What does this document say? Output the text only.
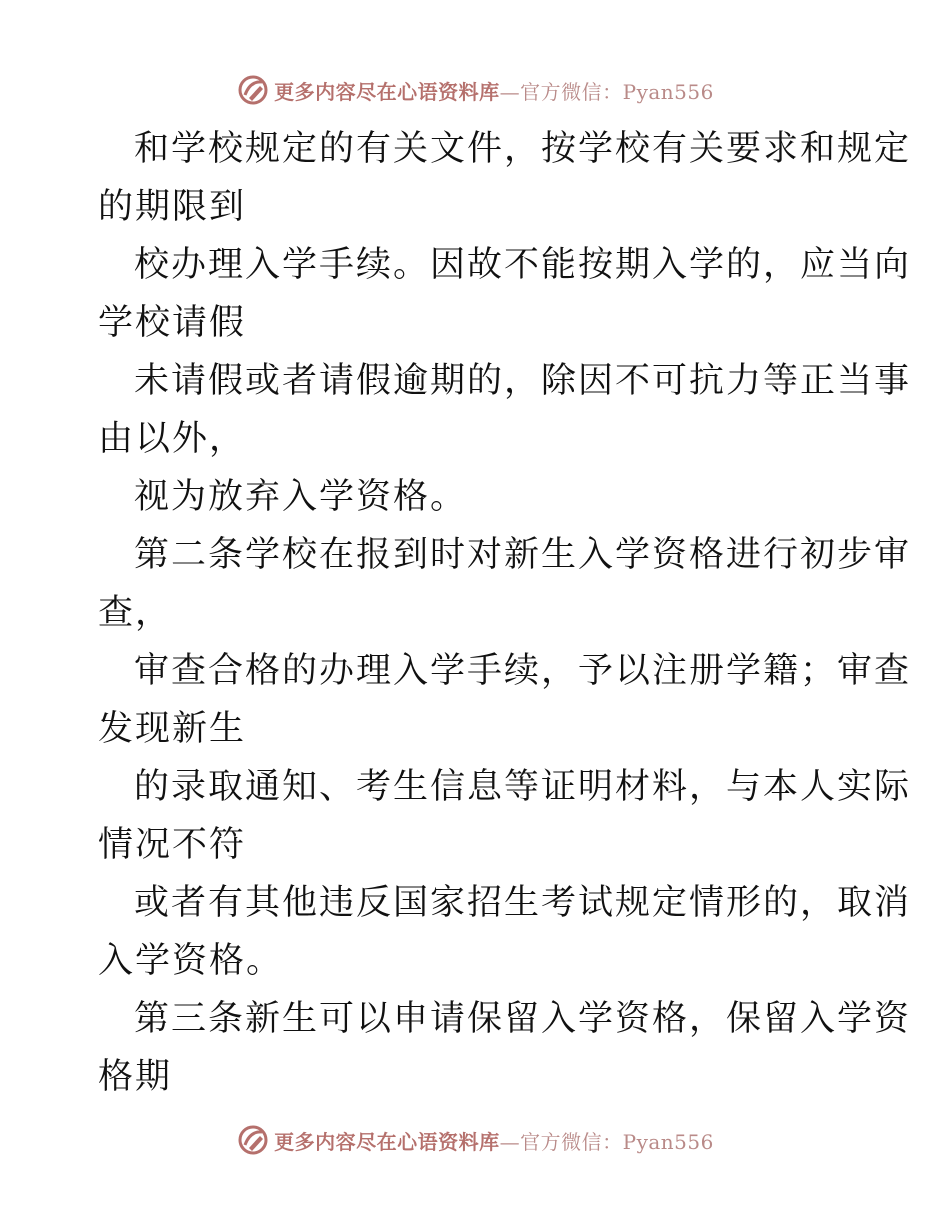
更多内容尽在心语资料库—官方微信：Pyan556
和学校规定的有关文件，按学校有关要求和规定
的期限到
校办理入学手续。因故不能按期入学的，应当向
学校请假
未请假或者请假逾期的，除因不可抗力等正当事
由以外，
视为放弃入学资格。
第二条学校在报到时对新生入学资格进行初步审
查，
审查合格的办理入学手续，予以注册学籍；审查
发现新生
的录取通知、考生信息等证明材料，与本人实际
情况不符
或者有其他违反国家招生考试规定情形的，取消
入学资格。
第三条新生可以申请保留入学资格，保留入学资
格期
更多内容尽在心语资料库—官方微信：Pyan556
